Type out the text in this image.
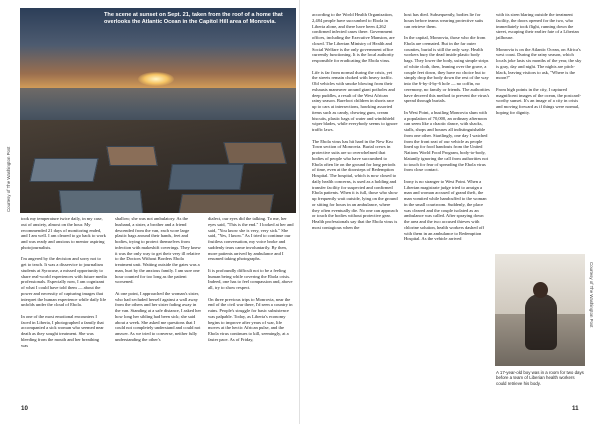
The scene at sunset on Sept. 21, taken from the roof of a home that overlooks the Atlantic Ocean in the Capitol Hill area of Monrovia.
Courtesy of The Washington Post

took my temperature twice daily, in my case, out of anxiety, almost on the hour. My recommended 21 days of monitoring ended, and I am well. I am cleared to go back to work and was ready and anxious to mentor aspiring photojournalists.

I'm angered by the decision and sorry not to get to teach. It was a disservice to journalism students at Syracuse, a missed opportunity to share real-world experiences with future media professionals. Especially now, I am cognizant of what I could have told them — about the power and necessity of capturing images that interpret the human experience while daily life unfolds under the cloud of Ebola.

In one of the most emotional encounters I faced in Liberia, I photographed a family that accompanied a sick woman who seemed near death as they sought treatment. She was bleeding from the mouth and her breathing was

shallow; she was not ambulatory. As the husband, a sister, a brother and a friend descended from the van, each wore large plastic bags around their hands, feet and bodies, trying to protect themselves from infection with makeshift coverings. They knew it was the only way to get their very ill relative to the Doctors Without Borders Ebola treatment unit. Waiting outside the gates was a man, hurt by the anxious family. I am sure one hour counted for too long as the patient worsened.

At one point, I approached the woman's sister, who had secluded herself against a wall away from the others and her sister fading away in the van. Standing at a safe distance, I asked her how long her sibling had been sick; she said about a week. She asked me questions that I could not completely understand and could not answer. As we tried to converse, neither fully understanding the other's

dialect, our eyes did the talking. To me, her eyes said, "This is the end." I looked at her and said, "You know she is very, very sick." She said, "Yes, I know." As I tried to continue our fruitless conversation, my voice broke and suddenly tears came involuntarily. By then, more patients arrived by ambulance and I resumed taking photographs.

It is profoundly difficult not to be a feeling human being while covering the Ebola crisis. Indeed, one has to feel compassion and, above all, try to show respect.

On three previous trips to Monrovia, near the end of the civil war there, I'd seen a country in ruins. People's struggle for basic subsistence was palpable. Today, as Liberia's economy begins to improve after years of war, life moves at the hectic African pulse, and the Ebola virus continues to kill, seemingly, at a faster pace. As of Friday,

10

according to the World Health Organization, 2,484 people have succumbed to Ebola in Liberia alone, and there have been 4,262 confirmed infected cases there. Government offices, including the Executive Mansion, are closed. The Liberian Ministry of Health and Social Welfare is the only government office currently functioning. It is the local authority responsible for eradicating the Ebola virus.

Life is far from normal during the crisis, yet the streets remain choked with heavy traffic. Old vehicles with smoke blowing from their exhausts maneuver around giant potholes and deep puddles, a result of the West African rainy season. Barefoot children in shorts race up to cars at intersections, hawking assorted items such as candy, chewing gum, cream biscuits, plastic bags of water and windshield wiper blades, while everybody seems to ignore traffic laws.

The Ebola virus has hit hard in the New Kru Town section of Monrovia. Burial crews in protective suits are so overwhelmed that bodies of people who have succumbed to Ebola often lie on the ground for long periods of time, even at the doorsteps of Redemption Hospital. The hospital, which is now closed to daily health concerns, is used as a holding and transfer facility for suspected and confirmed Ebola patients. When it is full, those who show up frequently wait outside, lying on the ground or sitting for hours in an ambulance, where they often eventually die. No one can approach or touch the bodies without protective gear. Health professionals say that the Ebola virus is most contagious when the

host has died. Subsequently, bodies lie for hours before teams wearing protective suits can retrieve them.

In the capital, Monrovia, those who die from Ebola are cremated. But in the far outer counties, burial is still the only way. Health workers bury the dead inside plastic body bags. They lower the body, using simple strips of white cloth, then, leaning over the grave, a couple feet down, they have no choice but to simply drop the body down the rest of the way into the 6-by-4-by-6 hole — no coffin, no ceremony, no family or friends. The authorities have decreed this method to prevent the virus's spread through burials.

In West Point, a bustling Monrovia slum with a population of 70,000, an ordinary afternoon can seem like a chaotic dance, with shacks, stalls, shops and houses all indistinguishable from one other. Startlingly, one day I watched from the front seat of our vehicle as people lined up for food handouts from the United Nations World Food Program, body-to-body, blatantly ignoring the call from authorities not to touch for fear of spreading the Ebola virus from close contact.

Irony is no stranger to West Point. When a Liberian magistrate judge tried to arraign a man and woman accused of grand theft, the man vomited while handcuffed to the woman in the small courtroom. Suddenly, the place was cleared and the couple isolated as an ambulance was called. After spraying down the area and the two accused thieves with chlorine solution, health workers dashed off with them in an ambulance to Redemption Hospital. As the vehicle arrived

with its siren blaring outside the treatment facility, the doors opened for the two, who immediately took flight, running down the street, escaping their earlier fate of a Liberian jailhouse.

Monrovia is on the Atlantic Ocean, on Africa's west coast. During the rainy season, which locals joke lasts six months of the year, the sky is gray, day and night. The nights are pitch-black, leaving visitors to ask, "Where is the moon?"

From high points in the city, I captured magnificent images of the ocean, the postcard-worthy sunset. It's an image of a city in crisis and moving forward as if things were normal, hoping for dignity.

Courtesy of The Washington Post
A 17-year-old boy was in a room for two days before a team of Liberian health workers could retrieve his body.
11
